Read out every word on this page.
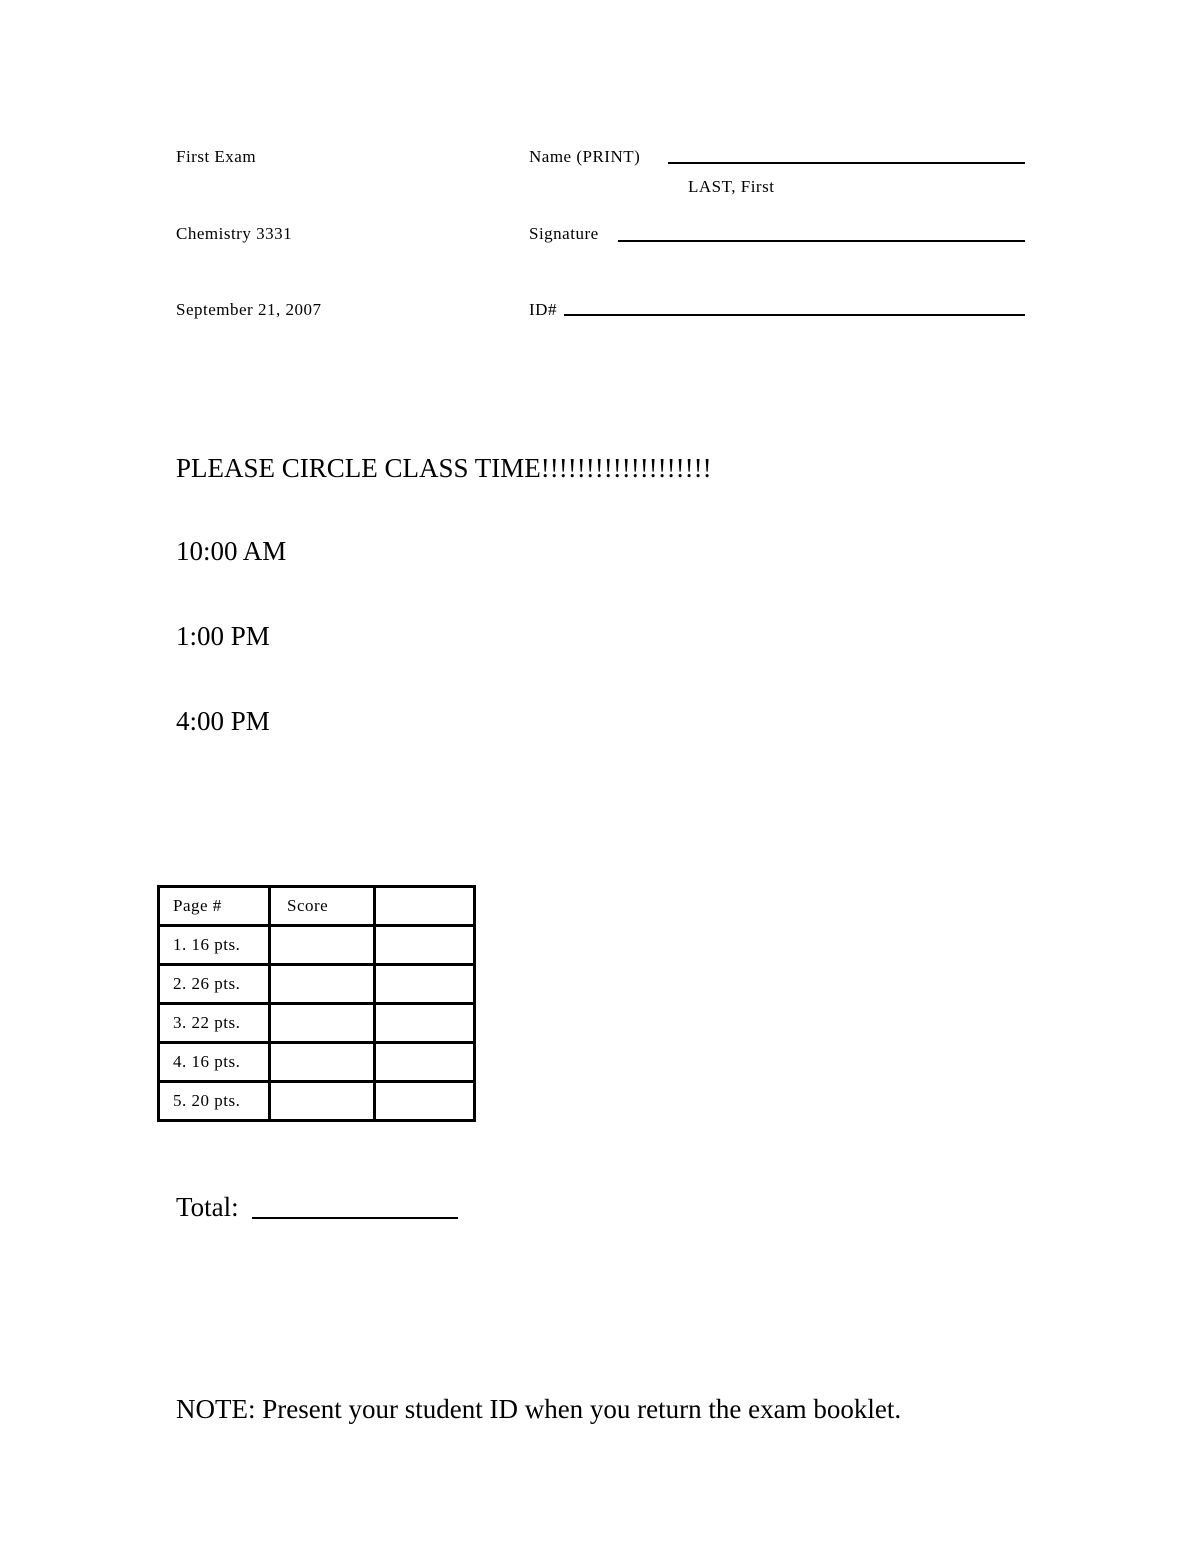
First Exam
Chemistry 3331
September 21, 2007
Name (PRINT)
LAST, First
Signature
ID#
PLEASE CIRCLE CLASS TIME!!!!!!!!!!!!!!!!!!!
10:00 AM
1:00 PM
4:00 PM
Page #	Score	
1. 16 pts.		
2. 26 pts.		
3. 22 pts.		
4. 16 pts.		
5. 20 pts.		
Total:
NOTE: Present your student ID when you return the exam booklet.
